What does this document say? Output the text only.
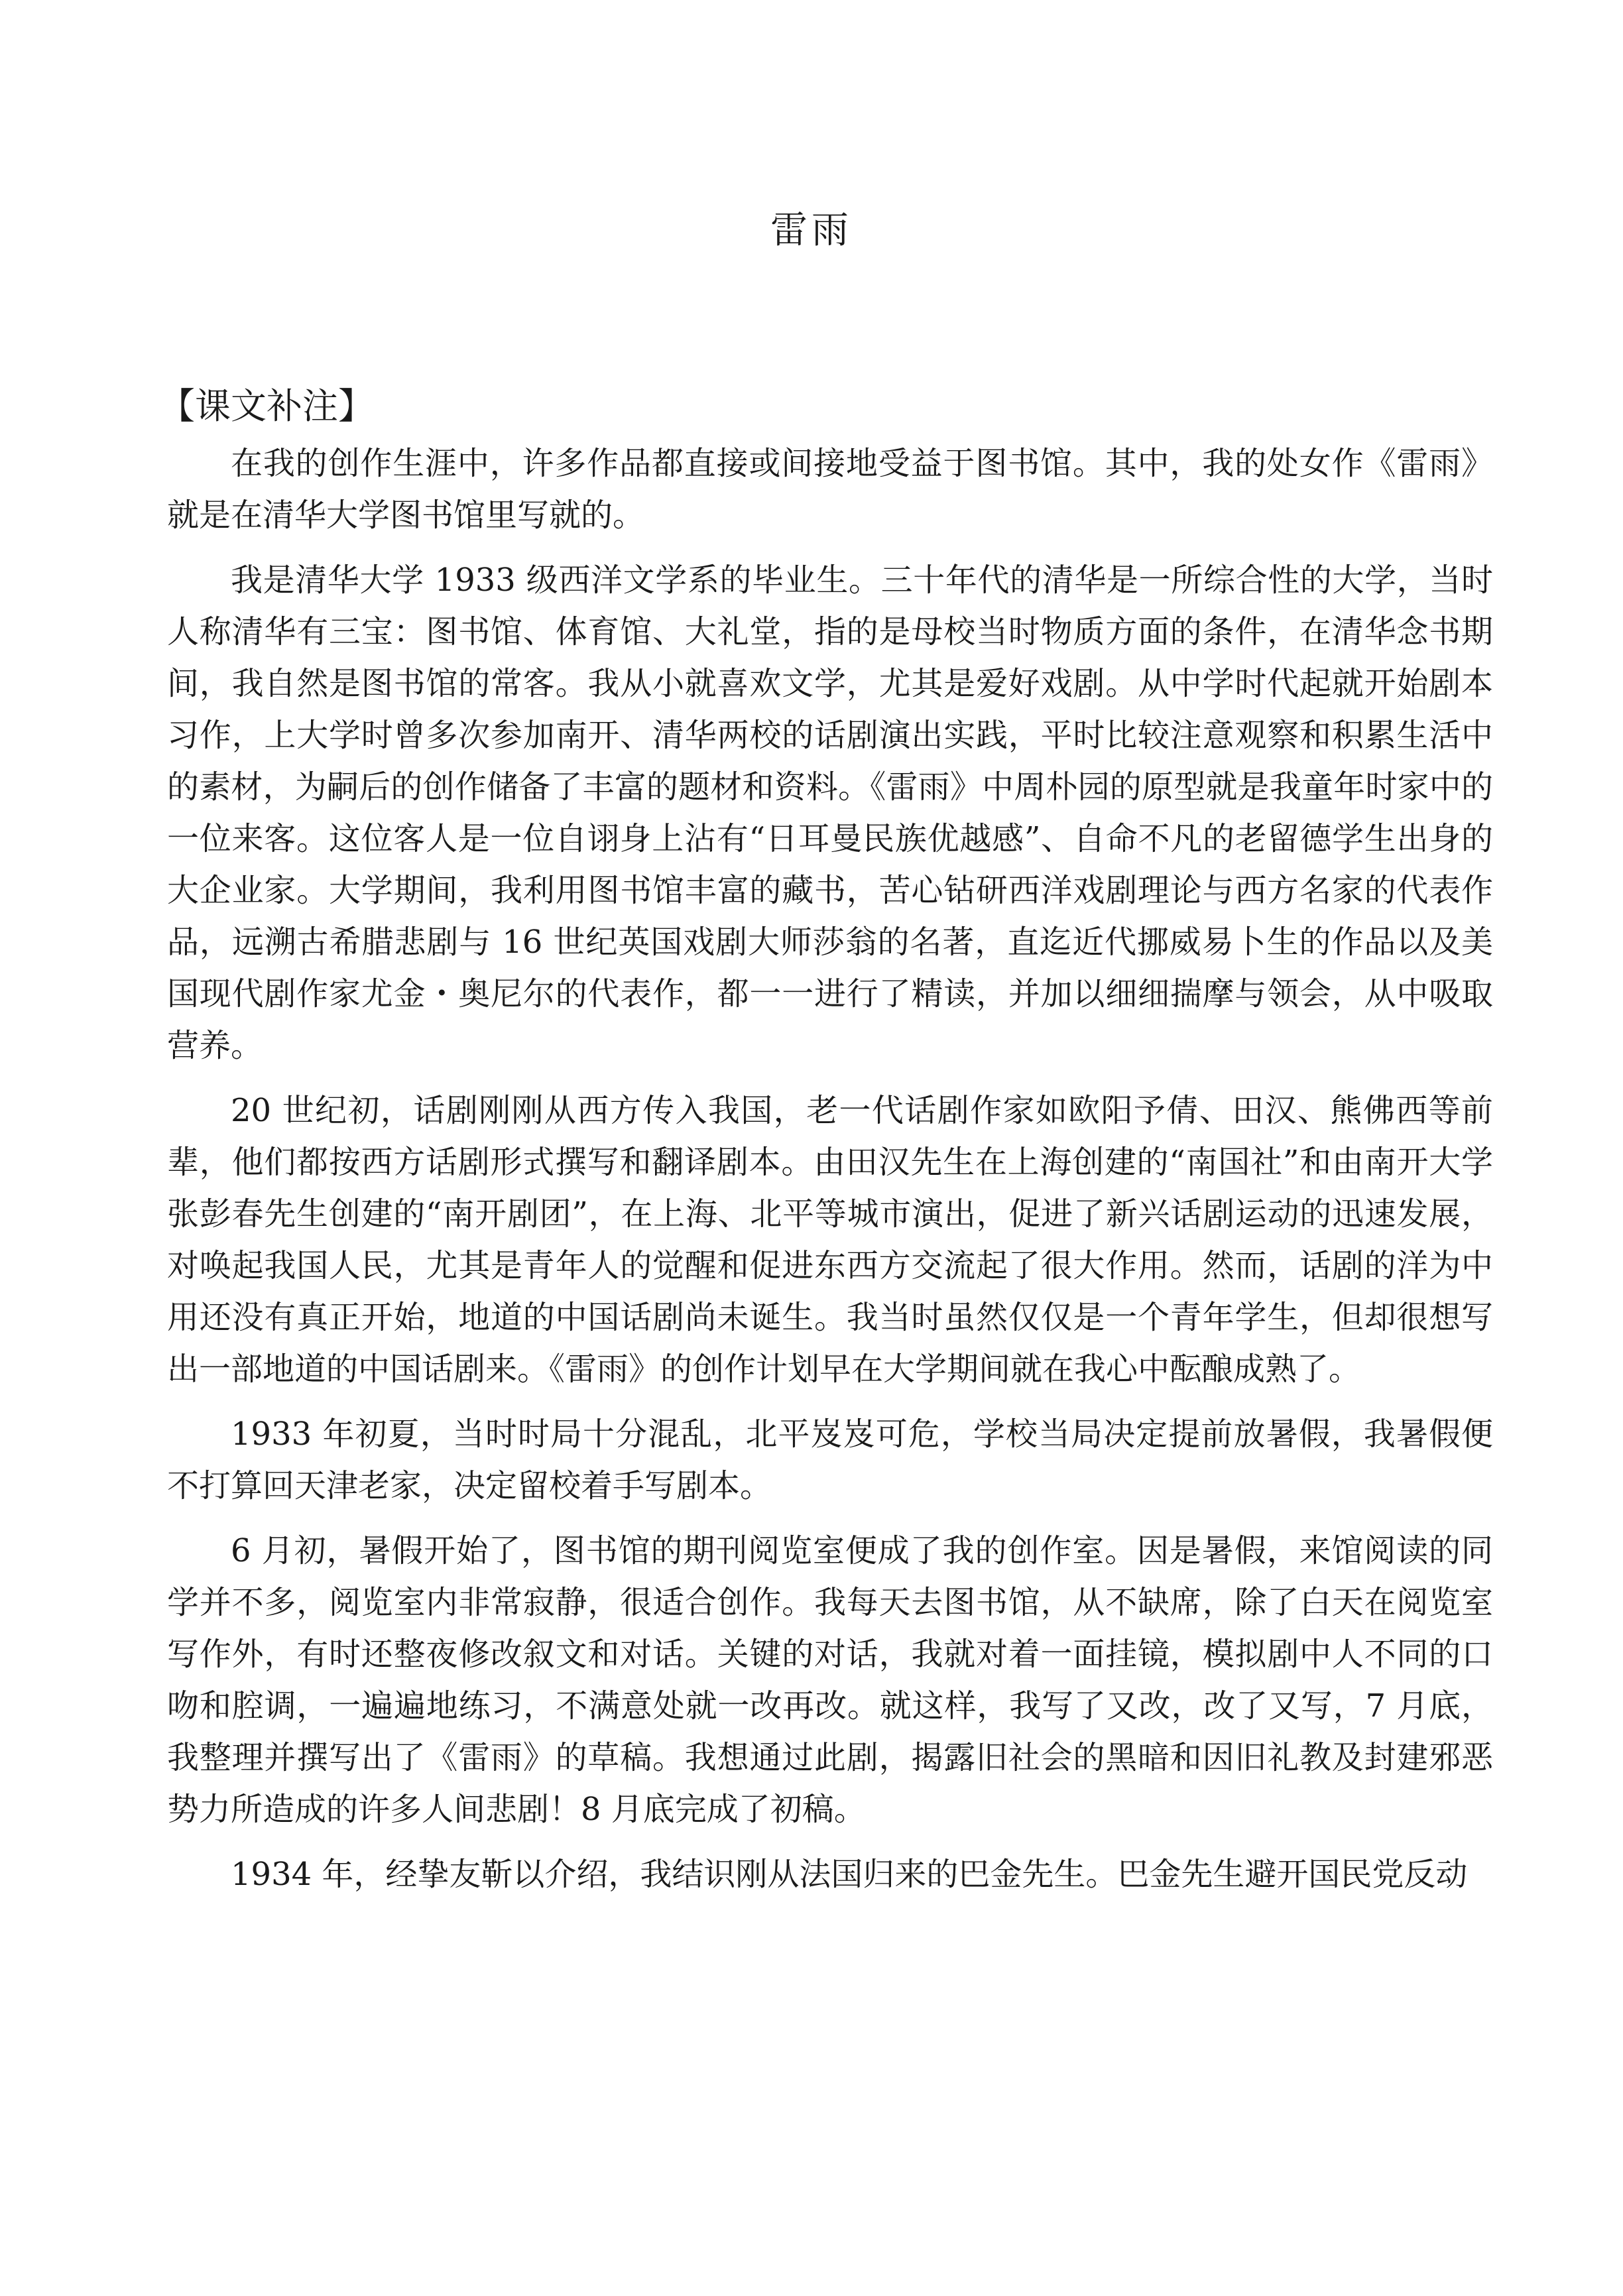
雷雨
【课文补注】

在我的创作生涯中，许多作品都直接或间接地受益于图书馆。其中，我的处女作《雷雨》就是在清华大学图书馆里写就的。

我是清华大学 1933 级西洋文学系的毕业生。三十年代的清华是一所综合性的大学，当时人称清华有三宝：图书馆、体育馆、大礼堂，指的是母校当时物质方面的条件，在清华念书期间，我自然是图书馆的常客。我从小就喜欢文学，尤其是爱好戏剧。从中学时代起就开始剧本习作，上大学时曾多次参加南开、清华两校的话剧演出实践，平时比较注意观察和积累生活中的素材，为嗣后的创作储备了丰富的题材和资料。《雷雨》中周朴园的原型就是我童年时家中的一位来客。这位客人是一位自诩身上沾有“日耳曼民族优越感”、自命不凡的老留德学生出身的大企业家。大学期间，我利用图书馆丰富的藏书，苦心钻研西洋戏剧理论与西方名家的代表作品，远溯古希腊悲剧与 16 世纪英国戏剧大师莎翁的名著，直迄近代挪威易卜生的作品以及美国现代剧作家尤金・奥尼尔的代表作，都一一进行了精读，并加以细细揣摩与领会，从中吸取营养。

20 世纪初，话剧刚刚从西方传入我国，老一代话剧作家如欧阳予倩、田汉、熊佛西等前辈，他们都按西方话剧形式撰写和翻译剧本。由田汉先生在上海创建的“南国社”和由南开大学张彭春先生创建的“南开剧团”，在上海、北平等城市演出，促进了新兴话剧运动的迅速发展，对唤起我国人民，尤其是青年人的觉醒和促进东西方交流起了很大作用。然而，话剧的洋为中用还没有真正开始，地道的中国话剧尚未诞生。我当时虽然仅仅是一个青年学生，但却很想写出一部地道的中国话剧来。《雷雨》的创作计划早在大学期间就在我心中酝酿成熟了。

1933 年初夏，当时时局十分混乱，北平岌岌可危，学校当局决定提前放暑假，我暑假便不打算回天津老家，决定留校着手写剧本。

6 月初，暑假开始了，图书馆的期刊阅览室便成了我的创作室。因是暑假，来馆阅读的同学并不多，阅览室内非常寂静，很适合创作。我每天去图书馆，从不缺席，除了白天在阅览室写作外，有时还整夜修改叙文和对话。关键的对话，我就对着一面挂镜，模拟剧中人不同的口吻和腔调，一遍遍地练习，不满意处就一改再改。就这样，我写了又改，改了又写，7 月底，我整理并撰写出了《雷雨》的草稿。我想通过此剧，揭露旧社会的黑暗和因旧礼教及封建邪恶势力所造成的许多人间悲剧！8 月底完成了初稿。

1934 年，经挚友靳以介绍，我结识刚从法国归来的巴金先生。巴金先生避开国民党反动
